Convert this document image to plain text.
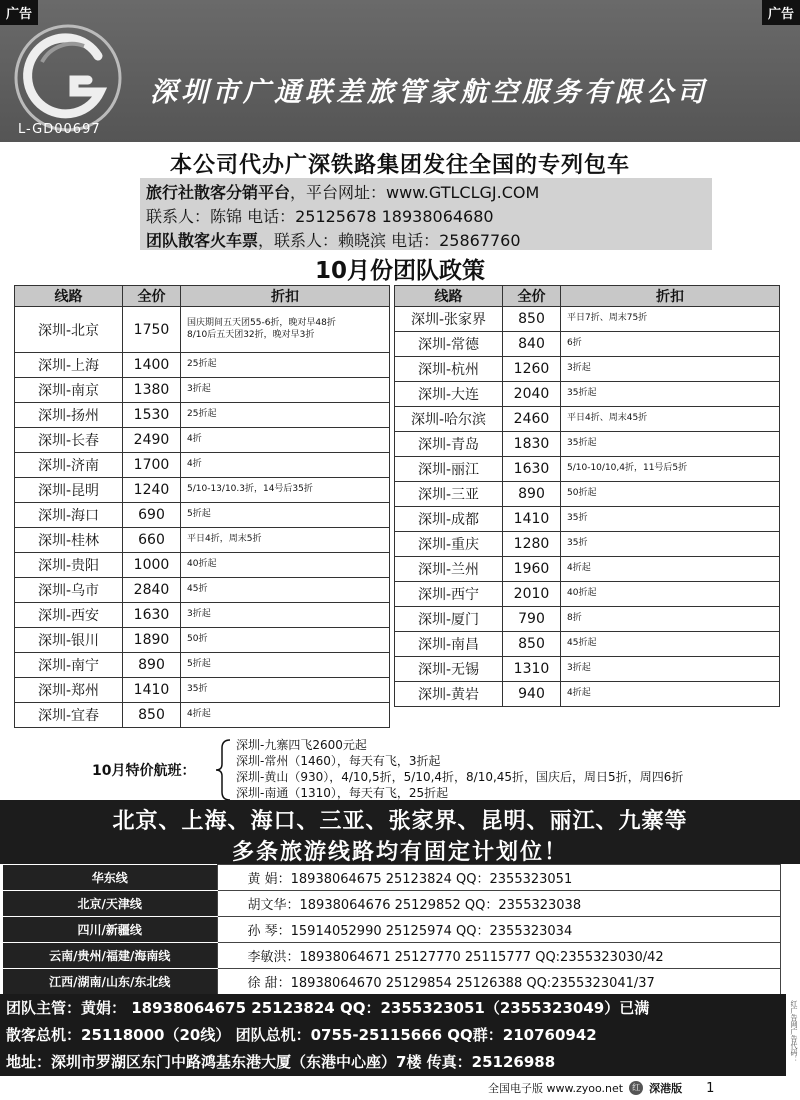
广告	广告
深圳市广通联差旅管家航空服务有限公司
L-GD00697
本公司代办广深铁路集团发往全国的专列包车
旅行社散客分销平台，平台网址：www.GTLCLGJ.COM
联系人：陈锦 电话：25125678 18938064680
团队散客火车票，联系人：赖晓滨 电话：25867760
10月份团队政策
线路	全价	折扣
深圳-北京	1750	国庆期间五天团55-6折，晚对早48折
8/10后五天团32折，晚对早3折
深圳-上海	1400	25折起
深圳-南京	1380	3折起
深圳-扬州	1530	25折起
深圳-长春	2490	4折
深圳-济南	1700	4折
深圳-昆明	1240	5/10-13/10.3折，14号后35折
深圳-海口	690	5折起
深圳-桂林	660	平日4折，周末5折
深圳-贵阳	1000	40折起
深圳-乌市	2840	45折
深圳-西安	1630	3折起
深圳-银川	1890	50折
深圳-南宁	890	5折起
深圳-郑州	1410	35折
深圳-宜春	850	4折起
线路	全价	折扣
深圳-张家界	850	平日7折、周末75折
深圳-常德	840	6折
深圳-杭州	1260	3折起
深圳-大连	2040	35折起
深圳-哈尔滨	2460	平日4折、周末45折
深圳-青岛	1830	35折起
深圳-丽江	1630	5/10-10/10,4折，11号后5折
深圳-三亚	890	50折起
深圳-成都	1410	35折
深圳-重庆	1280	35折
深圳-兰州	1960	4折起
深圳-西宁	2010	40折起
深圳-厦门	790	8折
深圳-南昌	850	45折起
深圳-无锡	1310	3折起
深圳-黄岩	940	4折起
10月特价航班：
深圳-九寨四飞2600元起
深圳-常州（1460），每天有飞，3折起
深圳-黄山（930），4/10,5折，5/10,4折，8/10,45折，国庆后，周日5折，周四6折
深圳-南通（1310），每天有飞，25折起
北京、上海、海口、三亚、张家界、昆明、丽江、九寨等
多条旅游线路均有固定计划位！
华东线	黄 娟：18938064675 25123824 QQ：2355323051
北京/天津线	胡文华：18938064676 25129852 QQ：2355323038
四川/新疆线	孙 琴：15914052990 25125974 QQ：2355323034
云南/贵州/福建/海南线	李敏洪：18938064671 25127770 25115777 QQ:2355323030/42
江西/湖南/山东/东北线	徐 甜：18938064670 25129854 25126388 QQ:2355323041/37
团队主管：黄娟： 18938064675 25123824 QQ：2355323051（2355323049）已满
散客总机：25118000（20线） 团队总机：0755-25115666 QQ群：210760942
地址：深圳市罗湖区东门中路鸿基东港大厦（东港中心座）7楼 传真：25126988	红广告网广告代码：
全国电子版 www.zyoo.net	红 深港版 1
